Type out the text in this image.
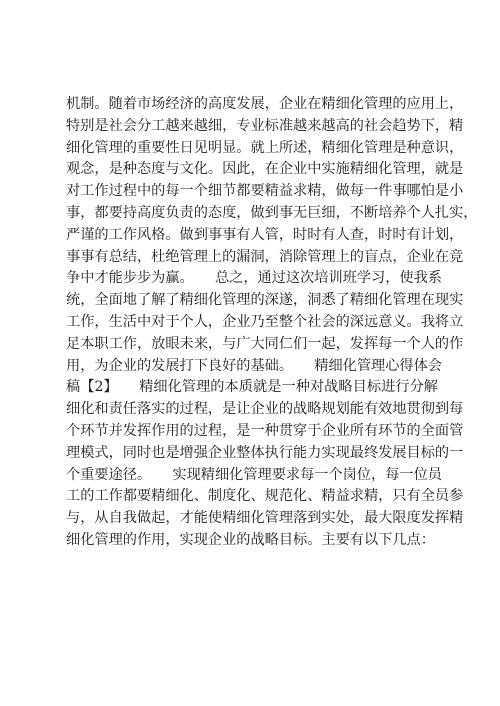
机制。随着市场经济的高度发展，企业在精细化管理的应用上，
特别是社会分工越来越细，专业标准越来越高的社会趋势下，精
细化管理的重要性日见明显。就上所述，精细化管理是种意识，
观念，是种态度与文化。因此，在企业中实施精细化管理，就是
对工作过程中的每一个细节都要精益求精，做每一件事哪怕是小
事，都要持高度负责的态度，做到事无巨细，不断培养个人扎实，
严谨的工作风格。做到事事有人管，时时有人查，时时有计划，
事事有总结，杜绝管理上的漏洞，消除管理上的盲点，企业在竞
争中才能步步为赢。　　总之，通过这次培训班学习，使我系
统，全面地了解了精细化管理的深遂，洞悉了精细化管理在现实
工作，生活中对于个人，企业乃至整个社会的深远意义。我将立
足本职工作，放眼未来，与广大同仁们一起，发挥每一个人的作
用，为企业的发展打下良好的基础。　　精细化管理心得体会
稿【2】　　精细化管理的本质就是一种对战略目标进行分解
细化和责任落实的过程，是让企业的战略规划能有效地贯彻到每
个环节并发挥作用的过程，是一种贯穿于企业所有环节的全面管
理模式，同时也是增强企业整体执行能力实现最终发展目标的一
个重要途径。　　实现精细化管理要求每一个岗位，每一位员
工的工作都要精细化、制度化、规范化、精益求精，只有全员参
与，从自我做起，才能使精细化管理落到实处，最大限度发挥精
细化管理的作用，实现企业的战略目标。主要有以下几点：
